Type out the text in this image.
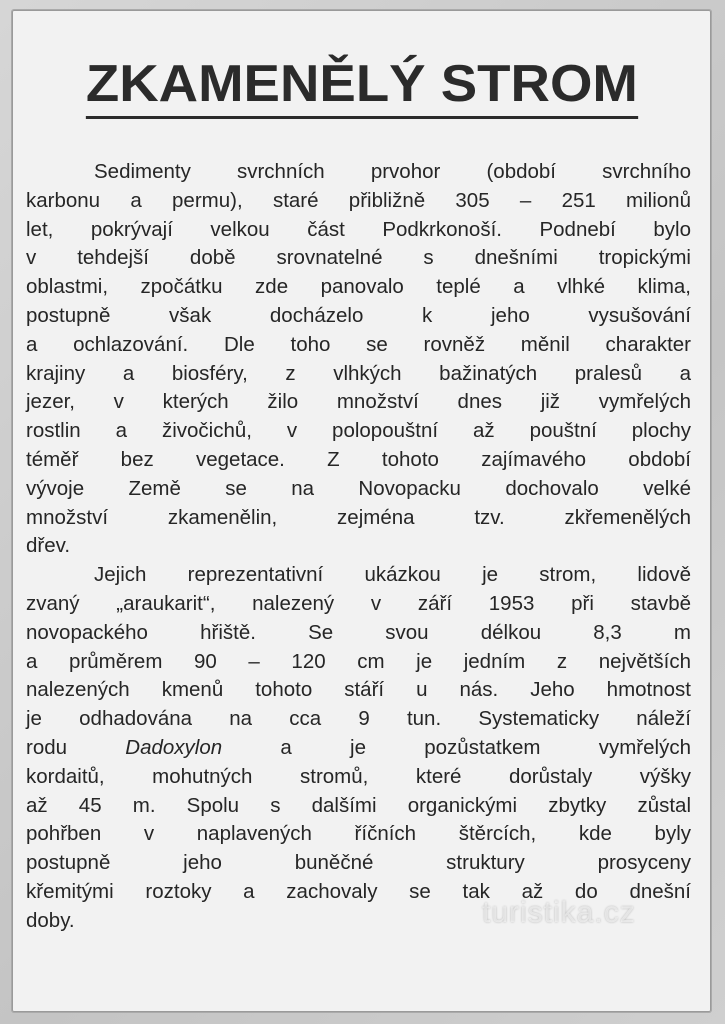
ZKAMENĚLÝ STROM
Sedimenty svrchních prvohor (období svrchního
karbonu a permu), staré přibližně 305 – 251 milionů
let, pokrývají velkou část Podkrkonoší. Podnebí bylo
v tehdejší době srovnatelné s dnešními tropickými
oblastmi, zpočátku zde panovalo teplé a vlhké klima,
postupně však docházelo k jeho vysušování
a ochlazování. Dle toho se rovněž měnil charakter
krajiny a biosféry, z vlhkých bažinatých pralesů a
jezer, v kterých žilo množství dnes již vymřelých
rostlin a živočichů, v polopouštní až pouštní plochy
téměř bez vegetace. Z tohoto zajímavého období
vývoje Země se na Novopacku dochovalo velké
množství zkamenělin, zejména tzv. zkřemenělých
dřev.
Jejich reprezentativní ukázkou je strom, lidově
zvaný „araukarit“, nalezený v září 1953 při stavbě
novopackého hřiště. Se svou délkou 8,3 m
a průměrem 90 – 120 cm je jedním z největších
nalezených kmenů tohoto stáří u nás. Jeho hmotnost
je odhadována na cca 9 tun. Systematicky náleží
rodu Dadoxylon a je pozůstatkem vymřelých
kordaitů, mohutných stromů, které dorůstaly výšky
až 45 m. Spolu s dalšími organickými zbytky zůstal
pohřben v naplavených říčních štěrcích, kde byly
postupně jeho buněčné struktury prosyceny
křemitými roztoky a zachovaly se tak až do dnešní
doby.	turistika.cz
